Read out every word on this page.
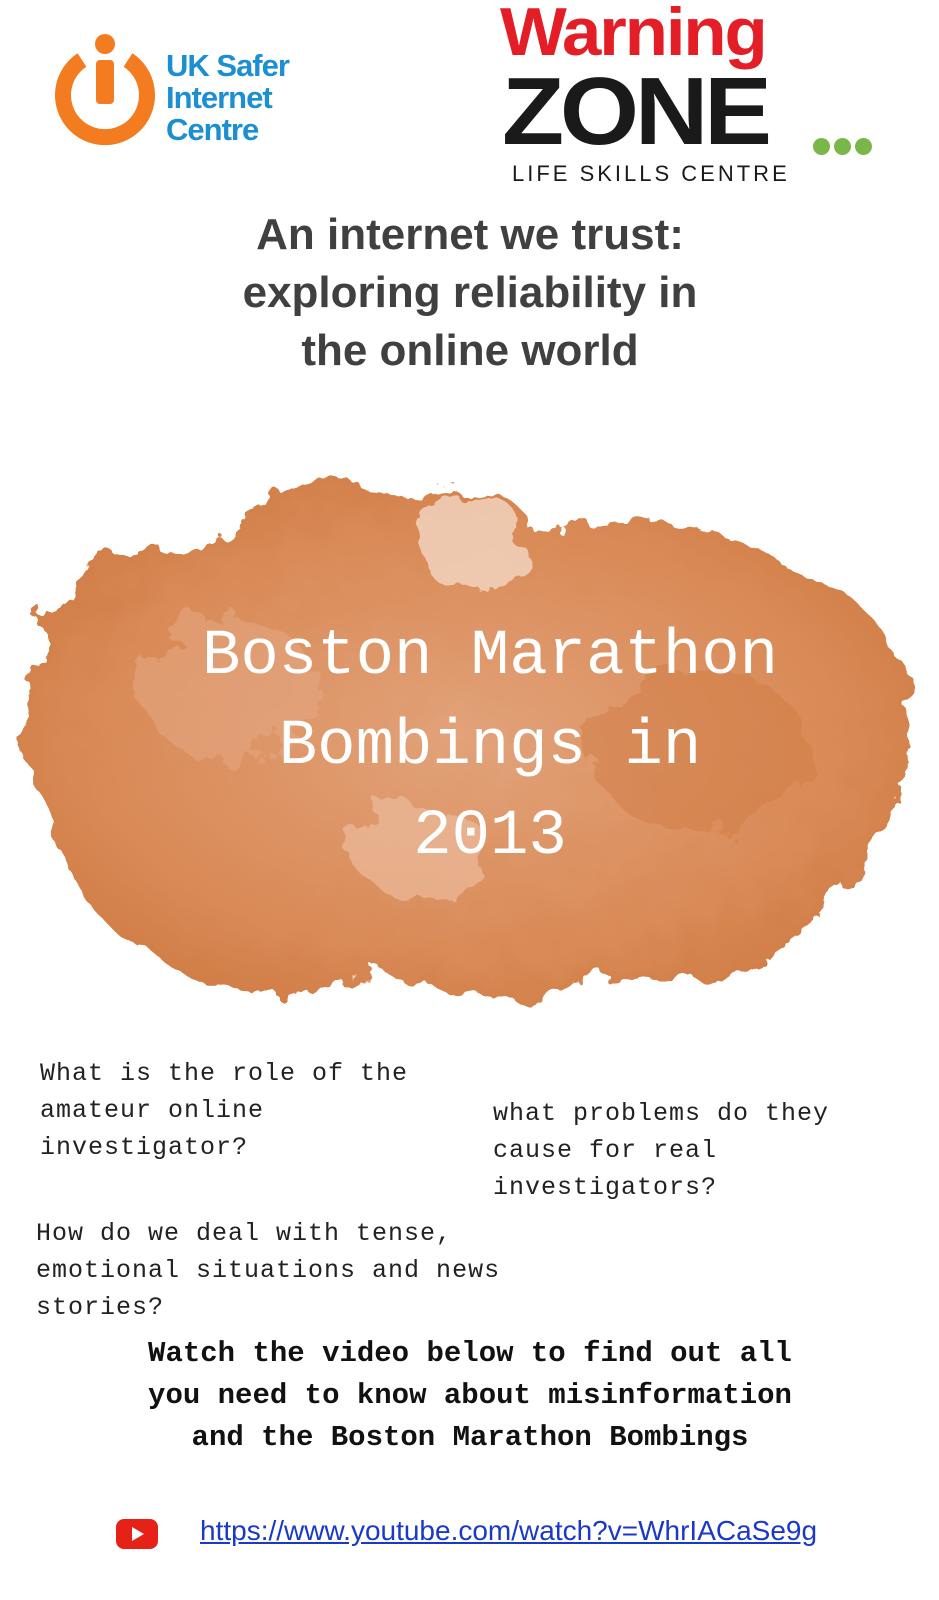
UK Safer
Internet
Centre
Warning
ZONE
LIFE SKILLS CENTRE
An internet we trust:
exploring reliability in
the online world
Boston Marathon
Bombings in
2013
What is the role of the
amateur online
investigator?
what problems do they
cause for real
investigators?
How do we deal with tense,
emotional situations and news
stories?
Watch the video below to find out all
you need to know about misinformation
and the Boston Marathon Bombings
https://www.youtube.com/watch?v=WhrIACaSe9g
